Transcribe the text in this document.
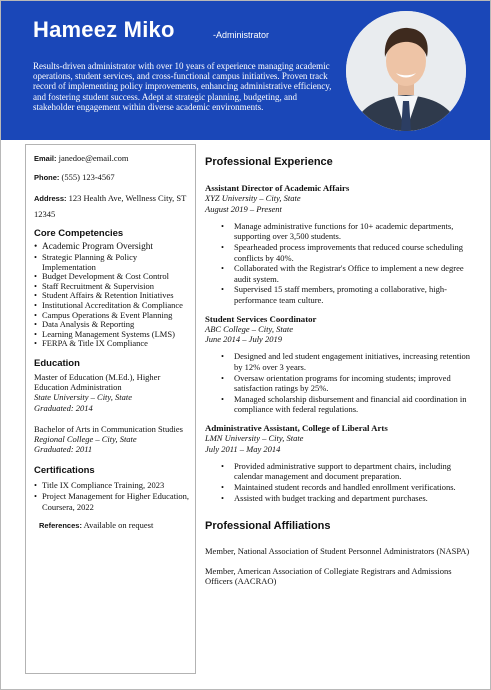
Hameez Miko	-Administrator
Results-driven administrator with over 10 years of experience managing academic operations, student services, and cross-functional campus initiatives. Proven track record of implementing policy improvements, enhancing administrative efficiency, and fostering student success. Adept at strategic planning, budgeting, and stakeholder engagement within diverse academic environments.

Email: janedoe@email.com

Phone: (555) 123-4567

Address: 123 Health Ave, Wellness City, ST 12345

Core Competencies

• Academic Program Oversight
• Strategic Planning & Policy Implementation
• Budget Development & Cost Control
• Staff Recruitment & Supervision
• Student Affairs & Retention Initiatives
• Institutional Accreditation & Compliance
• Campus Operations & Event Planning
• Data Analysis & Reporting
• Learning Management Systems (LMS)
• FERPA & Title IX Compliance

Education

Master of Education (M.Ed.), Higher Education Administration

State University – City, State

Graduated: 2014

Bachelor of Arts in Communication Studies

Regional College – City, State

Graduated: 2011

Certifications

• Title IX Compliance Training, 2023
• Project Management for Higher Education, Coursera, 2022

References: Available on request

Professional Experience

Assistant Director of Academic Affairs

XYZ University – City, State

August 2019 – Present

• Manage administrative functions for 10+ academic departments, supporting over 3,500 students.
• Spearheaded process improvements that reduced course scheduling conflicts by 40%.
• Collaborated with the Registrar's Office to implement a new degree audit system.
• Supervised 15 staff members, promoting a collaborative, high-performance team culture.

Student Services Coordinator

ABC College – City, State

June 2014 – July 2019

• Designed and led student engagement initiatives, increasing retention by 12% over 3 years.
• Oversaw orientation programs for incoming students; improved satisfaction ratings by 25%.
• Managed scholarship disbursement and financial aid coordination in compliance with federal regulations.

Administrative Assistant, College of Liberal Arts

LMN University – City, State

July 2011 – May 2014

• Provided administrative support to department chairs, including calendar management and document preparation.
• Maintained student records and handled enrollment verifications.
• Assisted with budget tracking and department purchases.

Professional Affiliations

Member, National Association of Student Personnel Administrators (NASPA)

Member, American Association of Collegiate Registrars and Admissions Officers (AACRAO)
